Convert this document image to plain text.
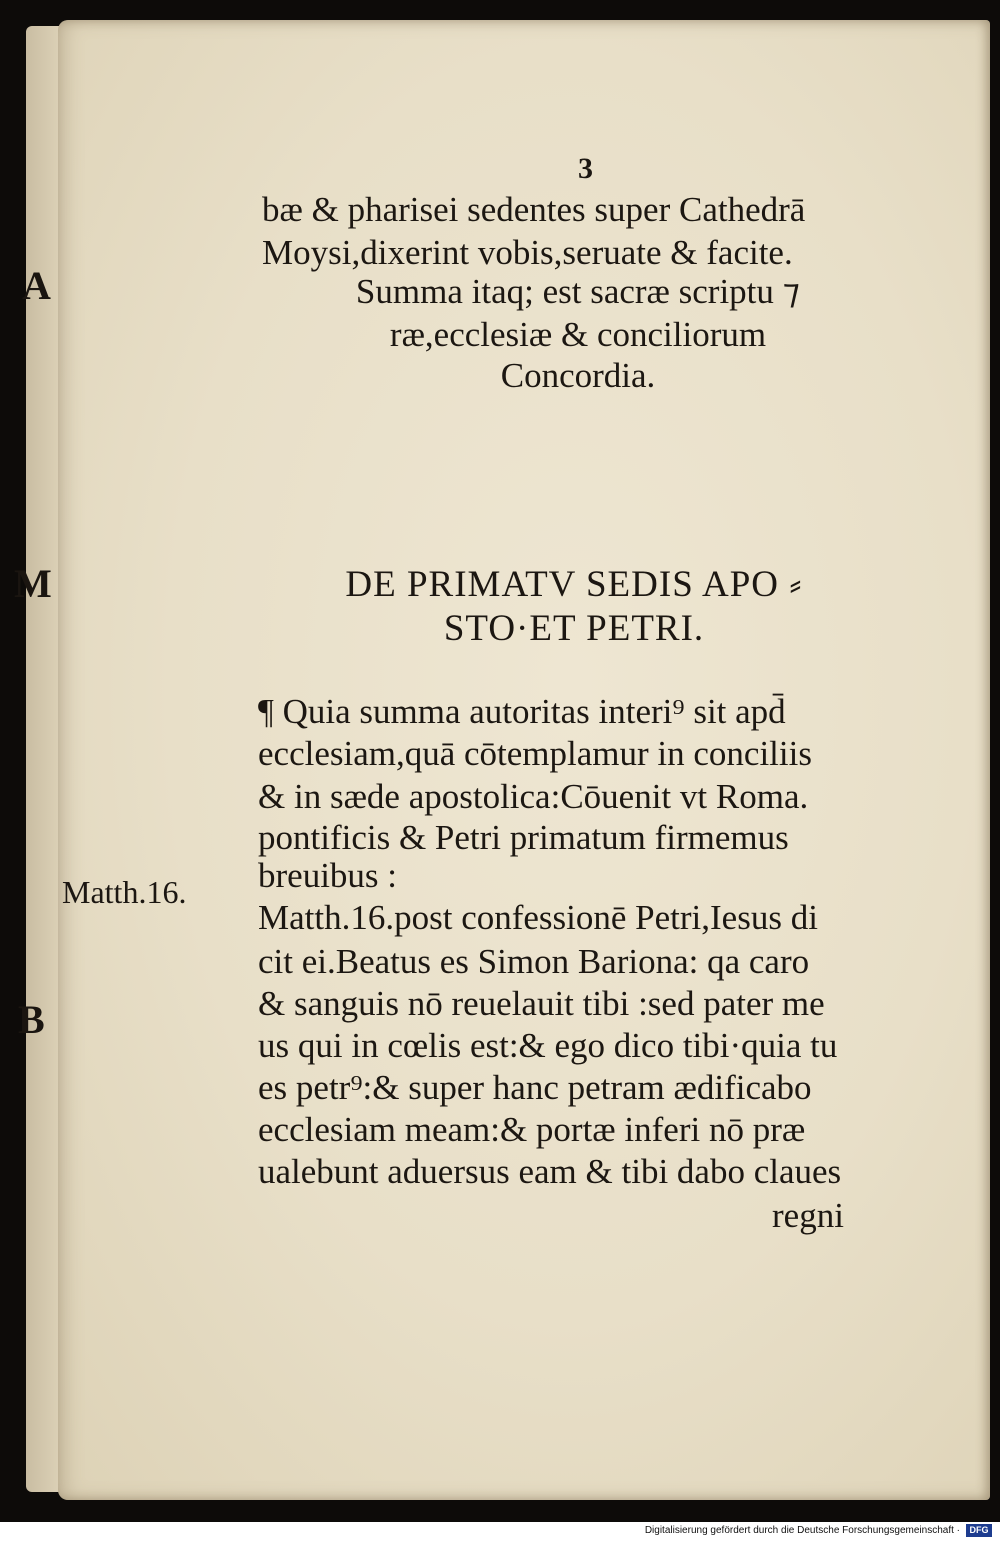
A
M
B
3
bæ & pharisei sedentes super Cathedrā
Moysi,dixerint vobis,seruate & facite.
Summa itaq; est sacræ scriptu ⁊
ræ,ecclesiæ & conciliorum
Concordia.
DE PRIMATV SEDIS APO ⸗
STO·ET PETRI.
¶ Quia summa autoritas interi⁹ sit apd̄
ecclesiam,quā cōtemplamur in conciliis
& in sæde apostolica:Cōuenit vt Roma.
pontificis & Petri primatum firmemus
breuibus :
Matth.16.
Matth.16.post confessionē Petri,Iesus di
cit ei.Beatus es Simon Bariona: qa caro
& sanguis nō reuelauit tibi :sed pater me
us qui in cœlis est:& ego dico tibi·quia tu
es petr⁹:& super hanc petram ædificabo
ecclesiam meam:& portæ inferi nō præ
ualebunt aduersus eam & tibi dabo claues
regni
Digitalisierung gefördert durch die Deutsche Forschungsgemeinschaft ·	DFG
